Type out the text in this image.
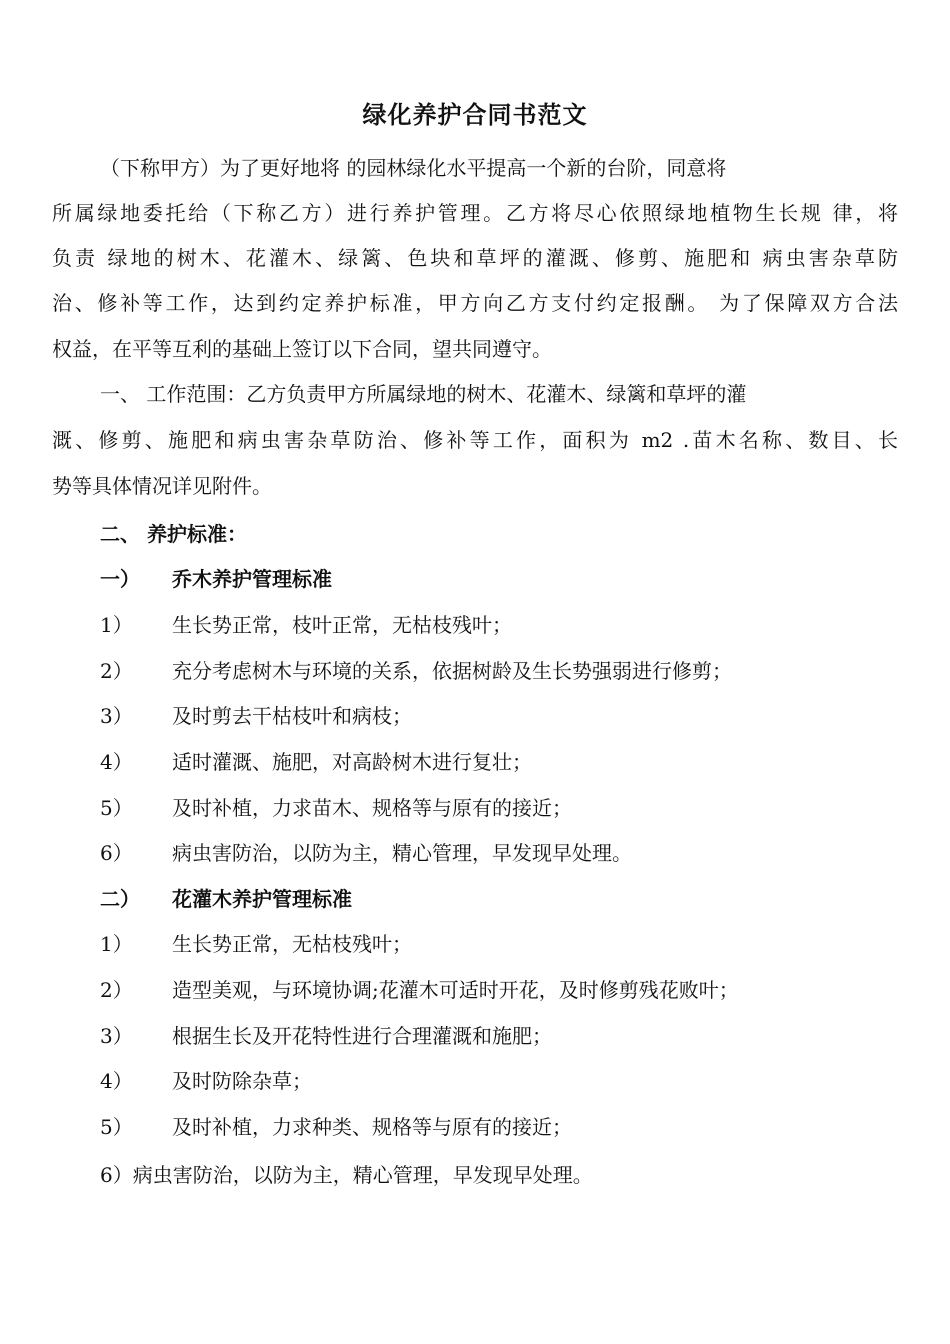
绿化养护合同书范文
（下称甲方）为了更好地将 的园林绿化水平提高一个新的台阶，同意将
所属绿地委托给（下称乙方）进行养护管理。乙方将尽心依照绿地植物生长规 律，将
负责 绿地的树木、花灌木、绿篱、色块和草坪的灌溉、修剪、施肥和 病虫害杂草防
治、修补等工作，达到约定养护标准，甲方向乙方支付约定报酬。 为了保障双方合法
权益，在平等互利的基础上签订以下合同，望共同遵守。
一、 工作范围：乙方负责甲方所属绿地的树木、花灌木、绿篱和草坪的灌
溉、修剪、施肥和病虫害杂草防治、修补等工作，面积为 m2 .苗木名称、数目、长
势等具体情况详见附件。
二、 养护标准：
一） 乔木养护管理标准
1） 生长势正常，枝叶正常，无枯枝残叶；
2） 充分考虑树木与环境的关系，依据树龄及生长势强弱进行修剪；
3） 及时剪去干枯枝叶和病枝；
4） 适时灌溉、施肥，对高龄树木进行复壮；
5） 及时补植，力求苗木、规格等与原有的接近；
6） 病虫害防治，以防为主，精心管理，早发现早处理。
二） 花灌木养护管理标准
1） 生长势正常，无枯枝残叶；
2） 造型美观，与环境协调;花灌木可适时开花，及时修剪残花败叶；
3） 根据生长及开花特性进行合理灌溉和施肥；
4） 及时防除杂草；
5） 及时补植，力求种类、规格等与原有的接近；
6）病虫害防治，以防为主，精心管理，早发现早处理。
